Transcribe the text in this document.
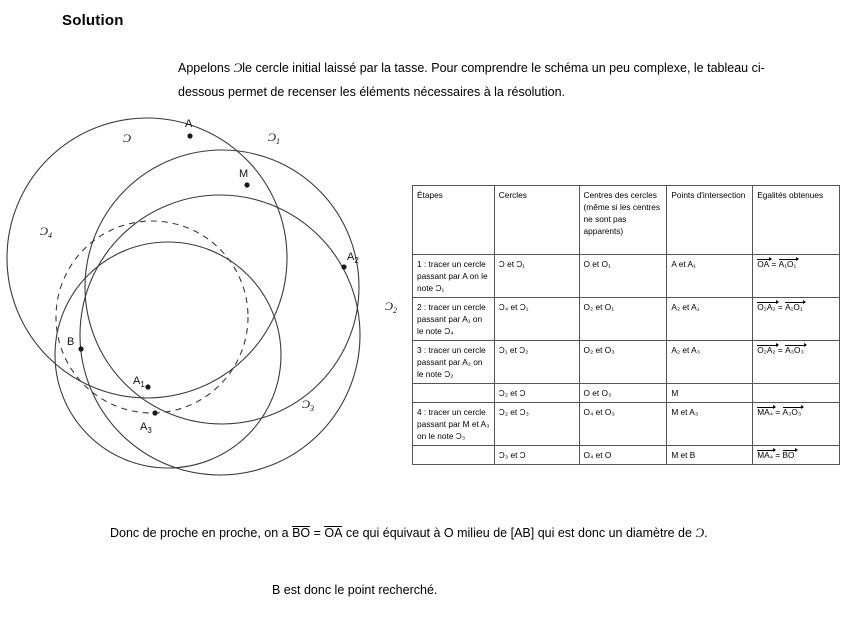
Solution
Appelons Ɔle cercle initial laissé par la tasse. Pour comprendre le schéma un peu complexe, le tableau ci-dessous permet de recenser les éléments nécessaires à la résolution.
Ɔ	$Ɔ_1$
$Ɔ_4$
$Ɔ_2$
$Ɔ_3$
A
M
$A_2$
B
$A_1$
$A_3$
Étapes	Cercles	Centres des cercles (même si les centres ne sont pas apparents)	Points d'intersection	Egalités obtenues
1 : tracer un cercle passant par A on le note Ɔ₁	Ɔ et Ɔ₁	O et O₁	A et A₁	OA = A₁O₁
2 : tracer un cercle passant par A₁ on le note Ɔ₄	Ɔ₄ et Ɔ₁	O₂ et O₁	A₂ et A₁	O₂A₂ = A₁O₁
3 : tracer un cercle passant par A₂ on le note Ɔ₂	Ɔ₁ et Ɔ₂	O₂ et O₃	A₂ et A₃	O₂A₂ = A₃O₃
	Ɔ₂ et Ɔ	O et O₃	M	
4 : tracer un cercle passant par M et A₃ on le note Ɔ₃	Ɔ₂ et Ɔ₃	O₄ et O₃	M et A₃	MA₄ = A₃O₃
	Ɔ₃ et Ɔ	O₄ et O	M et B	MA₄ = BO
Donc de proche en proche, on a BO = OA ce qui équivaut à O milieu de [AB] qui est donc un diamètre de Ɔ.
B est donc le point recherché.
